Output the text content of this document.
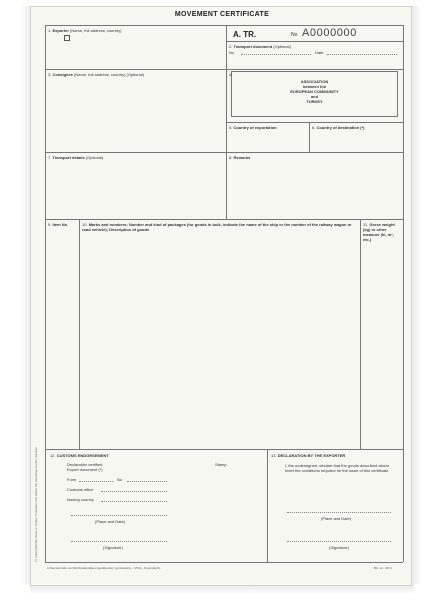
MOVEMENT CERTIFICATE
1. Exporter (Name, full address, country)	A. TR.	No A0000000
2. Transport document (Optional)
No	Date
3. Consignee (Name, full address, country) (Optional)	4.
ASSOCIATION
between the
EUROPEAN COMMUNITY
and
TURKEY
5. Country of exportation	6. Country of destination (*)
7. Transport details (Optional)	8. Remarks
9. Item No	10. Marks and numbers; Number and kind of packages (for goods in bulk, indicate the name of the ship or the number of the railway wagon or road vehicle); Description of goods
11. Gross weight (kg) or other measure (hl, m³, etc.)
12. CUSTOMS ENDORSEMENT
Declaration certified
Export document (*)
Stamp
Form	No
Customs office
Issuing country
(Place and Date)
(Signature)
13. DECLARATION BY THE EXPORTER
I, the undersigned, declare that the goods described above meet the conditions required for the issue of this certificate.
(Place and Date)
(Signature)
(*) Insert Member State or Turkey. Complete only where the exporting country requires.
A Nemzeti Adó- és Vámhivatal által engedélyezett nyomtatvány – VIVA – Nyomda Zrt.	Biz. sz.: 46 N
